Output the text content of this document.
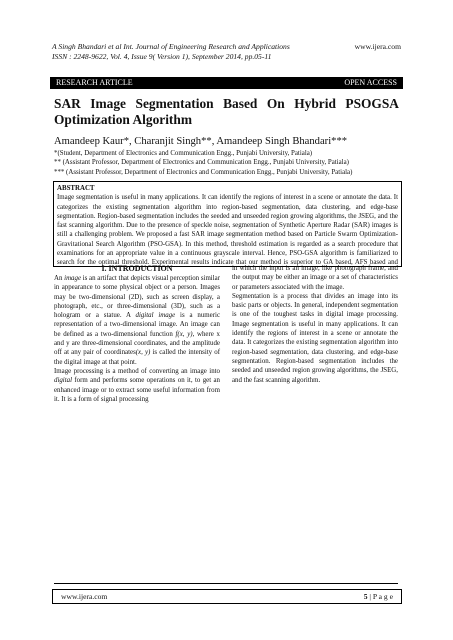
A Singh Bhandari et al Int. Journal of Engineering Research and Applications
ISSN : 2248-9622, Vol. 4, Issue 9( Version 1), September 2014, pp.05-11
www.ijera.com
RESEARCH ARTICLE	OPEN ACCESS
SAR Image Segmentation Based On Hybrid PSOGSA
Optimization Algorithm
Amandeep Kaur*, Charanjit Singh**, Amandeep Singh Bhandari***
*(Student, Department of Electronics and Communication Engg., Punjabi University, Patiala)
** (Assistant Professor, Department of Electronics and Communication Engg., Punjabi University, Patiala)
*** (Assistant Professor, Department of Electronics and Communication Engg., Punjabi University, Patiala)
ABSTRACT
Image segmentation is useful in many applications. It can identify the regions of interest in a scene or annotate the data. It categorizes the existing segmentation algorithm into region-based segmentation, data clustering, and edge-base segmentation. Region-based segmentation includes the seeded and unseeded region growing algorithms, the JSEG, and the fast scanning algorithm. Due to the presence of speckle noise, segmentation of Synthetic Aperture Radar (SAR) images is still a challenging problem. We proposed a fast SAR image segmentation method based on Particle Swarm Optimization-Gravitational Search Algorithm (PSO-GSA). In this method, threshold estimation is regarded as a search procedure that examinations for an appropriate value in a continuous grayscale interval. Hence, PSO-GSA algorithm is familiarized to search for the optimal threshold. Experimental results indicate that our method is superior to GA based, AFS based and
I. INTRODUCTION

An image is an artifact that depicts visual perception similar in appearance to some physical object or a person. Images may be two-dimensional (2D), such as screen display, a photograph, etc., or three-dimensional (3D), such as a hologram or a statue. A digital image is a numeric representation of a two-dimensional image. An image can be defined as a two-dimensional function f(x, y), where x and y are three-dimensional coordinates, and the amplitude off at any pair of coordinates(x, y) is called the intensity of the digital image at that point.

Image processing is a method of converting an image into digital form and performs some operations on it, to get an enhanced image or to extract some useful information from it. It is a form of signal processing

in which the input is an image, like photograph frame, and the output may be either an image or a set of characteristics or parameters associated with the image.

Segmentation is a process that divides an image into its basic parts or objects. In general, independent segmentation is one of the toughest tasks in digital image processing. Image segmentation is useful in many applications. It can identify the regions of interest in a scene or annotate the data. It categorizes the existing segmentation algorithm into region-based segmentation, data clustering, and edge-base segmentation. Region-based segmentation includes the seeded and unseeded region growing algorithms, the JSEG, and the fast scanning algorithm.

www.ijera.com	5 | P a g e
